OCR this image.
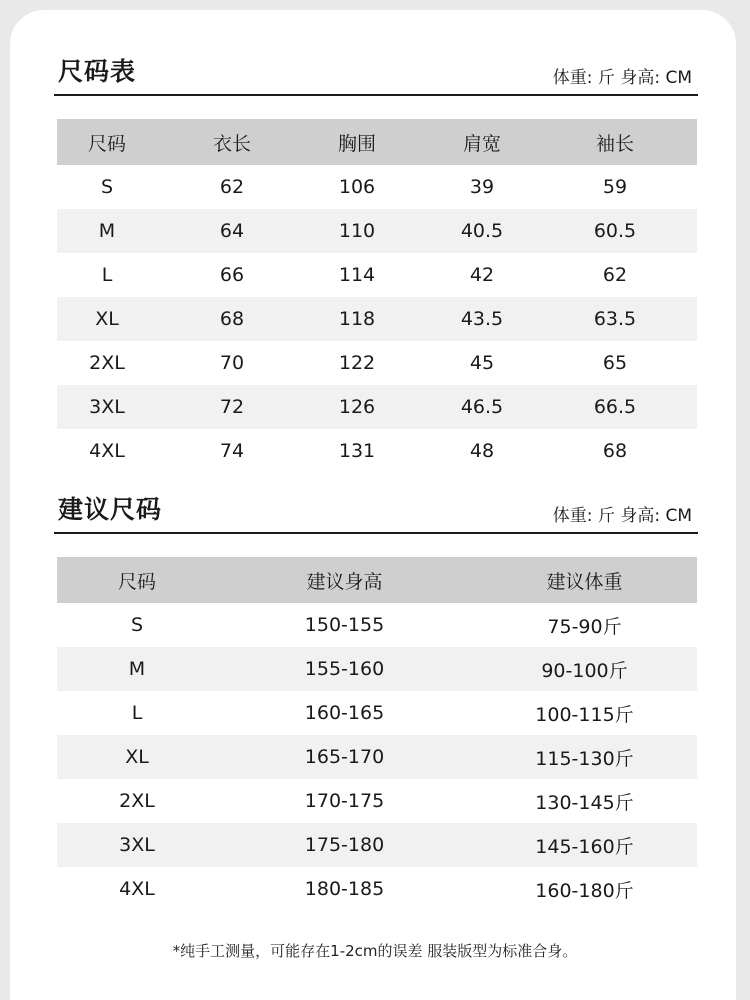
尺码表	体重: 斤 身高: CM
尺码	衣长	胸围	肩宽	袖长
S	62	106	39	59
M	64	110	40.5	60.5
L	66	114	42	62
XL	68	118	43.5	63.5
2XL	70	122	45	65
3XL	72	126	46.5	66.5
4XL	74	131	48	68
建议尺码	体重: 斤 身高: CM
尺码	建议身高	建议体重
S	150-155	75-90斤
M	155-160	90-100斤
L	160-165	100-115斤
XL	165-170	115-130斤
2XL	170-175	130-145斤
3XL	175-180	145-160斤
4XL	180-185	160-180斤
*纯手工测量，可能存在1-2cm的误差 服装版型为标准合身。
